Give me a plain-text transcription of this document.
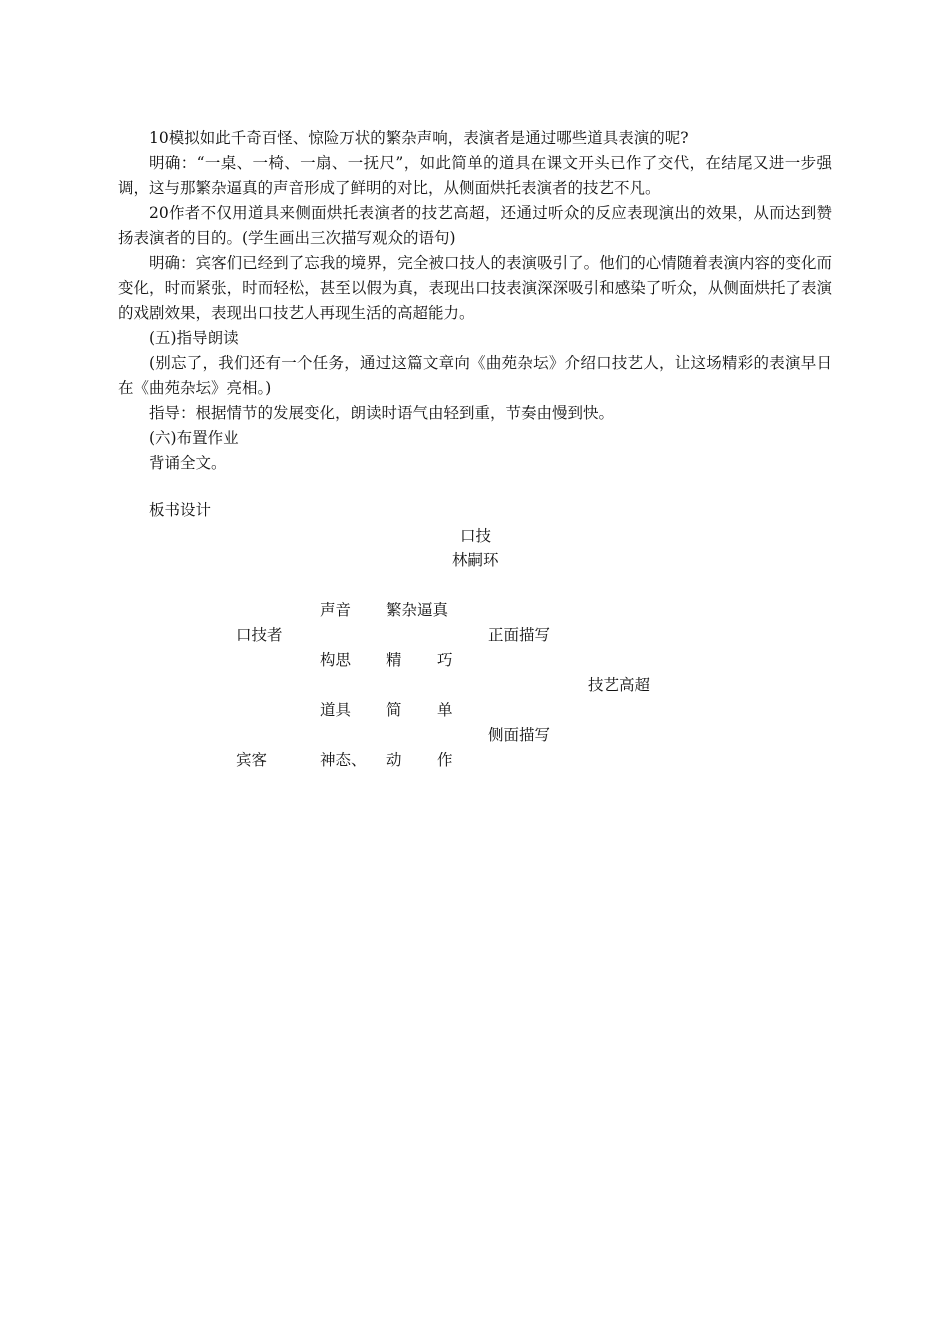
10模拟如此千奇百怪、惊险万状的繁杂声响，表演者是通过哪些道具表演的呢?

明确：“一桌、一椅、一扇、一抚尺”，如此简单的道具在课文开头已作了交代，在结尾又进一步强调，这与那繁杂逼真的声音形成了鲜明的对比，从侧面烘托表演者的技艺不凡。

20作者不仅用道具来侧面烘托表演者的技艺高超，还通过听众的反应表现演出的效果，从而达到赞扬表演者的目的。(学生画出三次描写观众的语句)

明确：宾客们已经到了忘我的境界，完全被口技人的表演吸引了。他们的心情随着表演内容的变化而变化，时而紧张，时而轻松，甚至以假为真，表现出口技表演深深吸引和感染了听众，从侧面烘托了表演的戏剧效果，表现出口技艺人再现生活的高超能力。

(五)指导朗读

(别忘了，我们还有一个任务，通过这篇文章向《曲苑杂坛》介绍口技艺人，让这场精彩的表演早日在《曲苑杂坛》亮相。)

指导：根据情节的发展变化，朗读时语气由轻到重，节奏由慢到快。

(六)布置作业

背诵全文。

板书设计
口技
林嗣环
声音 繁杂逼真
口技者	正面描写
构思 精 巧
技艺高超
道具 简 单
侧面描写
宾客	神态、 动 作
